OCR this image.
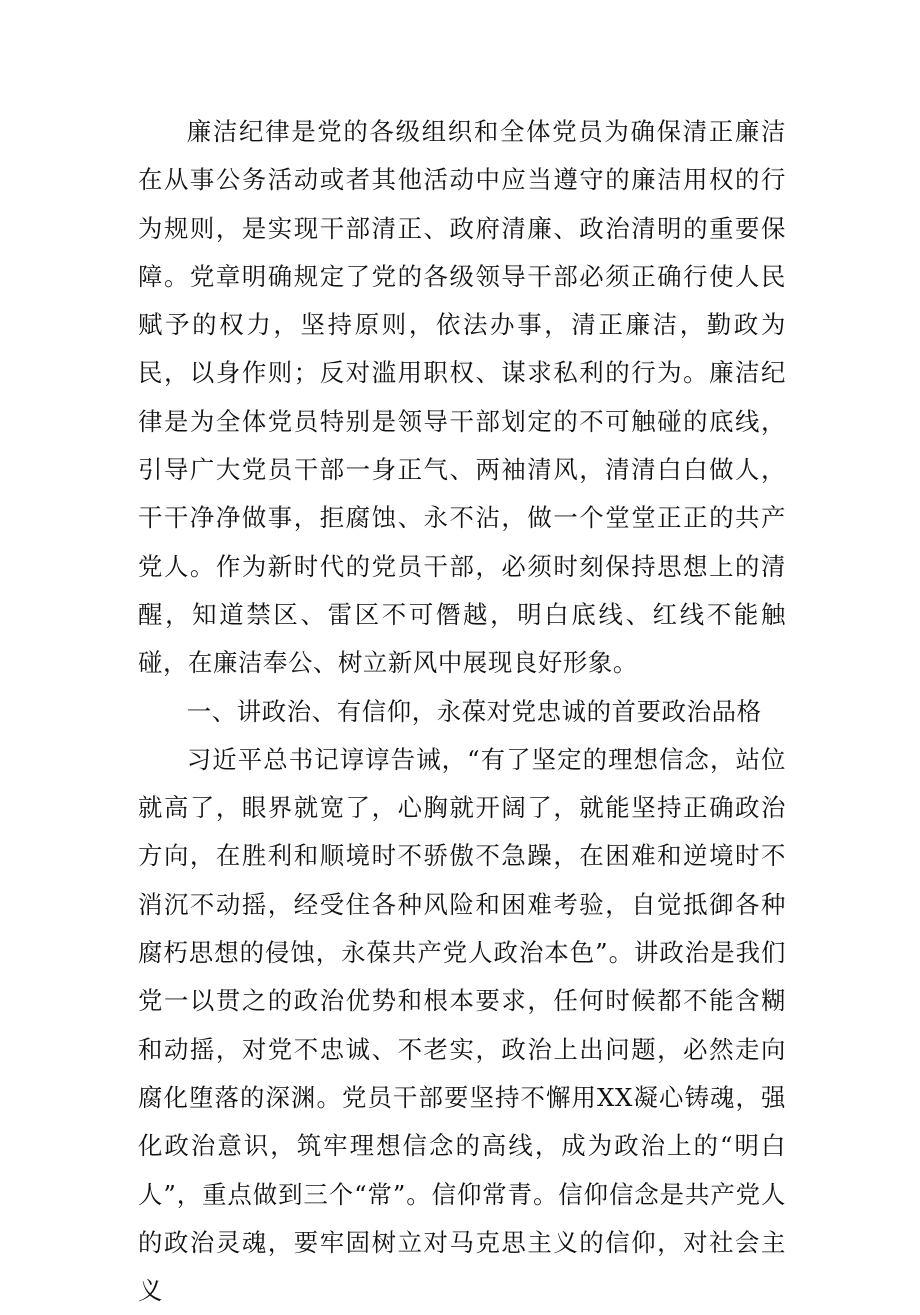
廉洁纪律是党的各级组织和全体党员为确保清正廉洁在从事公务活动或者其他活动中应当遵守的廉洁用权的行为规则，是实现干部清正、政府清廉、政治清明的重要保障。党章明确规定了党的各级领导干部必须正确行使人民赋予的权力，坚持原则，依法办事，清正廉洁，勤政为民，以身作则；反对滥用职权、谋求私利的行为。廉洁纪律是为全体党员特别是领导干部划定的不可触碰的底线，引导广大党员干部一身正气、两袖清风，清清白白做人，干干净净做事，拒腐蚀、永不沾，做一个堂堂正正的共产党人。作为新时代的党员干部，必须时刻保持思想上的清醒，知道禁区、雷区不可僭越，明白底线、红线不能触碰，在廉洁奉公、树立新风中展现良好形象。

一、讲政治、有信仰，永葆对党忠诚的首要政治品格

习近平总书记谆谆告诫，“有了坚定的理想信念，站位就高了，眼界就宽了，心胸就开阔了，就能坚持正确政治方向，在胜利和顺境时不骄傲不急躁，在困难和逆境时不消沉不动摇，经受住各种风险和困难考验，自觉抵御各种腐朽思想的侵蚀，永葆共产党人政治本色”。讲政治是我们党一以贯之的政治优势和根本要求，任何时候都不能含糊和动摇，对党不忠诚、不老实，政治上出问题，必然走向腐化堕落的深渊。党员干部要坚持不懈用XX凝心铸魂，强化政治意识，筑牢理想信念的高线，成为政治上的“明白人”，重点做到三个“常”。信仰常青。信仰信念是共产党人的政治灵魂，要牢固树立对马克思主义的信仰，对社会主义
